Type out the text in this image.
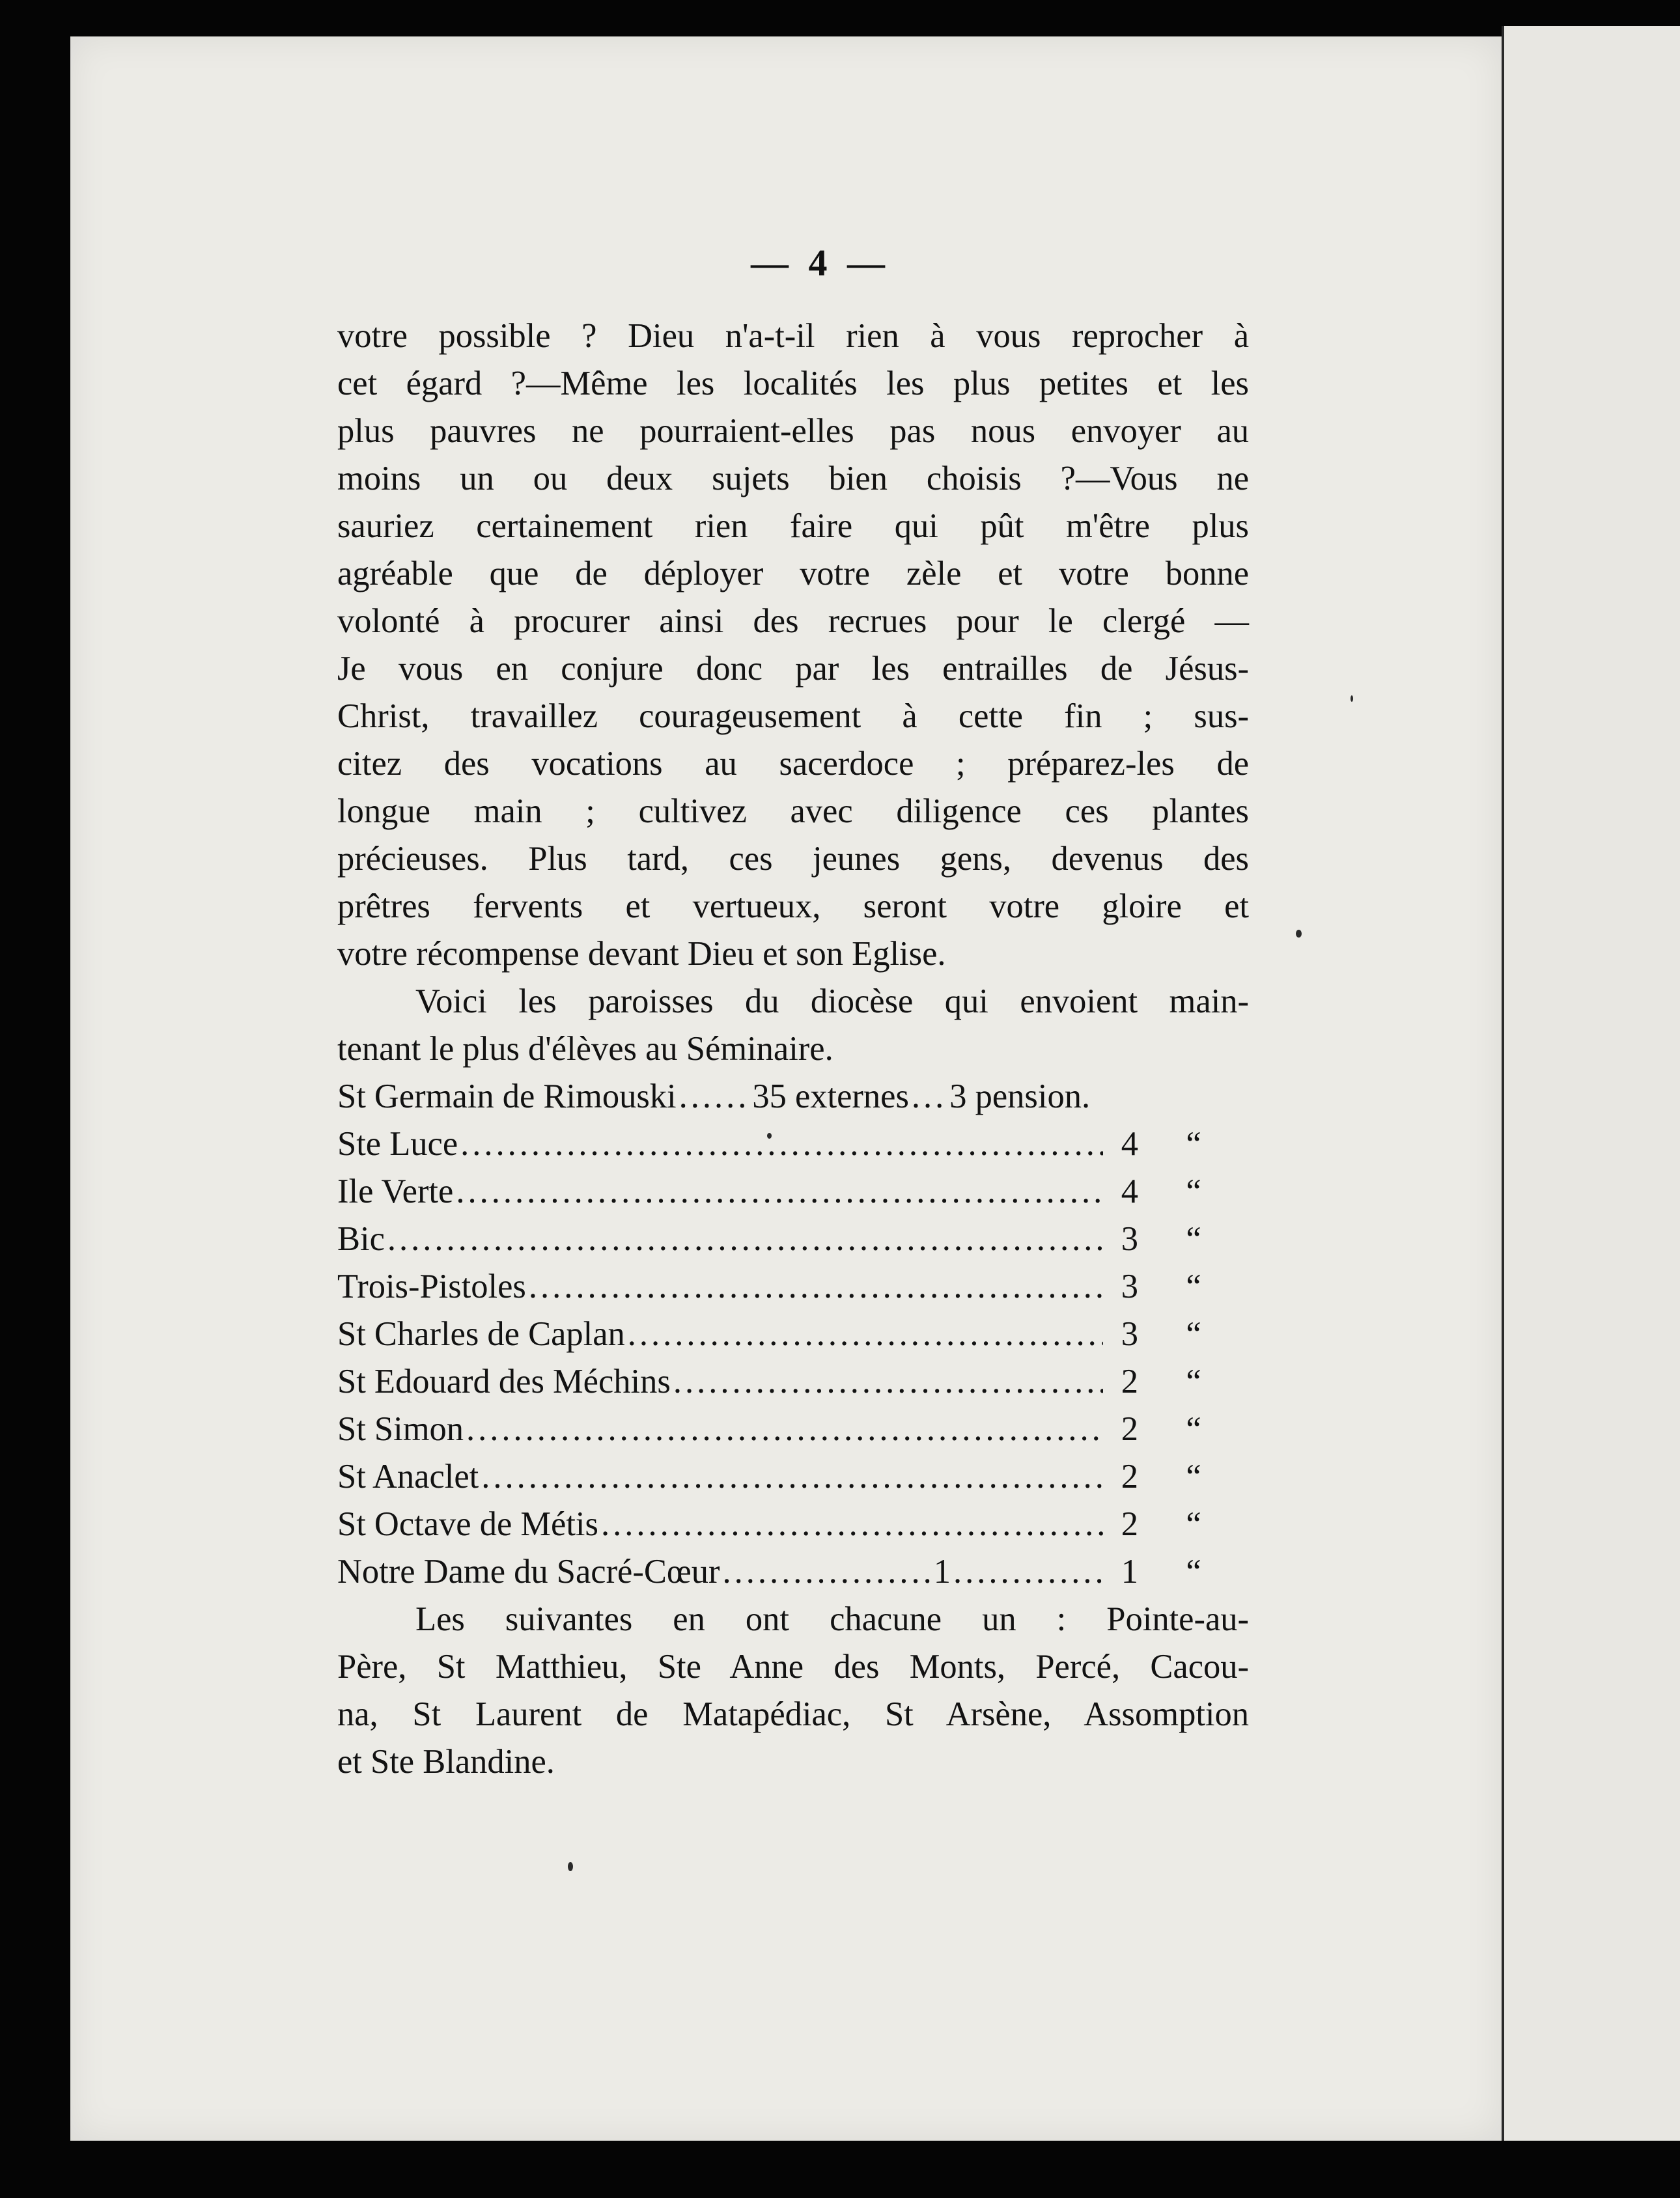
— 4 —
votre possible ? Dieu n'a-t-il rien à vous reprocher à
cet égard ?—Même les localités les plus petites et les
plus pauvres ne pourraient-elles pas nous envoyer au
moins un ou deux sujets bien choisis ?—Vous ne
sauriez certainement rien faire qui pût m'être plus
agréable que de déployer votre zèle et votre bonne
volonté à procurer ainsi des recrues pour le clergé —
Je vous en conjure donc par les entrailles de Jésus-
Christ, travaillez courageusement à cette fin ; sus-
citez des vocations au sacerdoce ; préparez-les de
longue main ; cultivez avec diligence ces plantes
précieuses. Plus tard, ces jeunes gens, devenus des
prêtres fervents et vertueux, seront votre gloire et
votre récompense devant Dieu et son Eglise.
Voici les paroisses du diocèse qui envoient main-
tenant le plus d'élèves au Séminaire.
St Germain de Rimouski ...... 35 externes ... 3 pension.
Ste Luce .....	4	“
Ile Verte .....	4	“
Bic .....	3	“
Trois-Pistoles .....	3	“
St Charles de Caplan .....	3	“
St Edouard des Méchins .....	2	“
St Simon .....	2	“
St Anaclet .....	2	“
St Octave de Métis .....	2	“
Notre Dame du Sacré-Cœur .....	1 .....	1	“
Les suivantes en ont chacune un : Pointe-au-
Père, St Matthieu, Ste Anne des Monts, Percé, Cacou-
na, St Laurent de Matapédiac, St Arsène, Assomption
et Ste Blandine.
